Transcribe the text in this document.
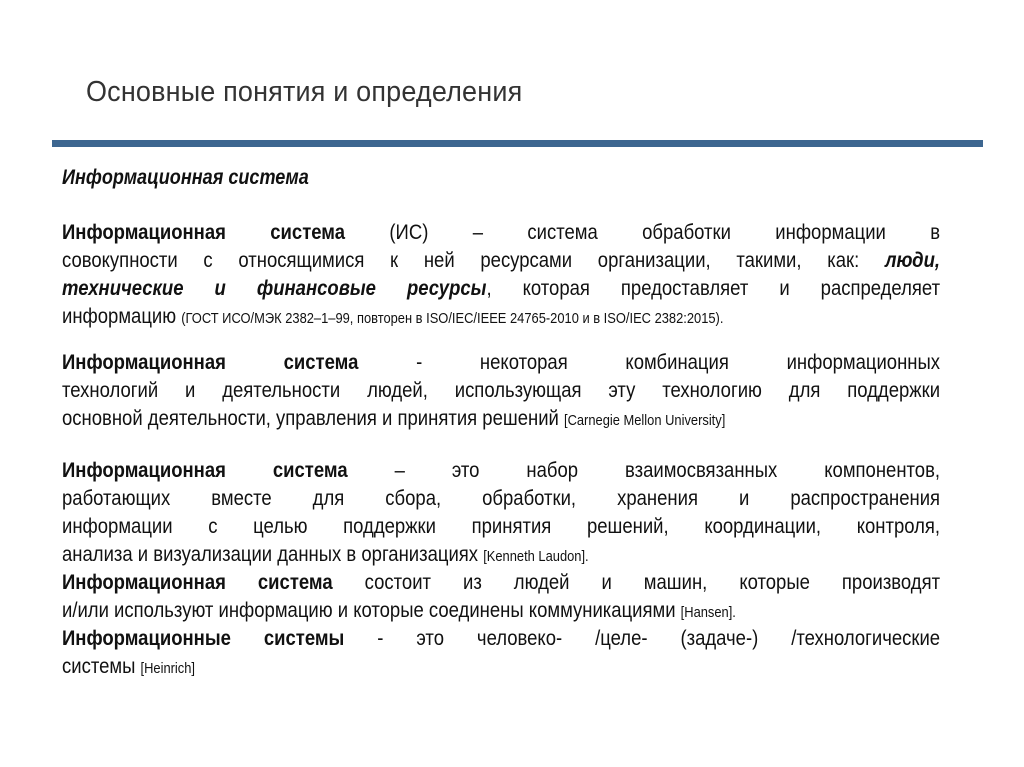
Основные понятия и определения
Информационная система
Информационная система (ИС) – система обработки информации в
совокупности с относящимися к ней ресурсами организации, такими, как: люди,
технические и финансовые ресурсы, которая предоставляет и распределяет
информацию (ГОСТ ИСО/МЭК 2382–1–99, повторен в ISO/IEC/IEEE 24765-2010 и в ISO/IEC 2382:2015).
Информационная система - некоторая комбинация информационных
технологий и деятельности людей, использующая эту технологию для поддержки
основной деятельности, управления и принятия решений [Carnegie Mellon University]
Информационная система – это набор взаимосвязанных компонентов,
работающих вместе для сбора, обработки, хранения и распространения
информации с целью поддержки принятия решений, координации, контроля,
анализа и визуализации данных в организациях [Kenneth Laudon].
Информационная система состоит из людей и машин, которые производят
и/или используют информацию и которые соединены коммуникациями [Hansen].
Информационные системы - это человеко- /целе- (задаче-) /технологические
системы [Heinrich]
